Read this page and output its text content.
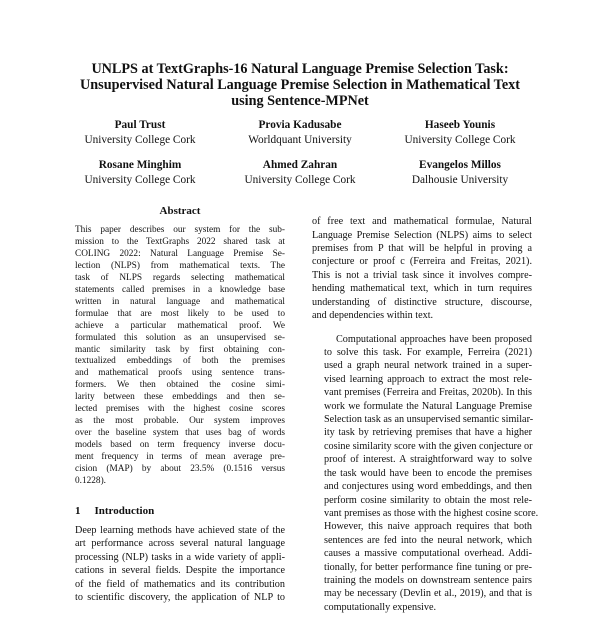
UNLPS at TextGraphs-16 Natural Language Premise Selection Task:
Unsupervised Natural Language Premise Selection in Mathematical Text
using Sentence-MPNet
Paul Trust
University College Cork
Provia Kadusabe
Worldquant University
Haseeb Younis
University College Cork
Rosane Minghim
University College Cork
Ahmed Zahran
University College Cork
Evangelos Millos
Dalhousie University
Abstract
This paper describes our system for the sub-
mission to the TextGraphs 2022 shared task at
COLING 2022: Natural Language Premise Se-
lection (NLPS) from mathematical texts. The
task of NLPS regards selecting mathematical
statements called premises in a knowledge base
written in natural language and mathematical
formulae that are most likely to be used to
achieve a particular mathematical proof. We
formulated this solution as an unsupervised se-
mantic similarity task by first obtaining con-
textualized embeddings of both the premises
and mathematical proofs using sentence trans-
formers. We then obtained the cosine simi-
larity between these embeddings and then se-
lected premises with the highest cosine scores
as the most probable. Our system improves
over the baseline system that uses bag of words
models based on term frequency inverse docu-
ment frequency in terms of mean average pre-
cision (MAP) by about 23.5% (0.1516 versus
0.1228).
1 Introduction
Deep learning methods have achieved state of the
art performance across several natural language
processing (NLP) tasks in a wide variety of appli-
cations in several fields. Despite the importance
of the field of mathematics and its contribution
to scientific discovery, the application of NLP to

of free text and mathematical formulae, Natural
Language Premise Selection (NLPS) aims to select
premises from P that will be helpful in proving a
conjecture or proof c (Ferreira and Freitas, 2021).
This is not a trivial task since it involves compre-
hending mathematical text, which in turn requires
understanding of distinctive structure, discourse,
and dependencies within text.

Computational approaches have been proposed
to solve this task. For example, Ferreira (2021)
used a graph neural network trained in a super-
vised learning approach to extract the most rele-
vant premises (Ferreira and Freitas, 2020b). In this
work we formulate the Natural Language Premise
Selection task as an unsupervised semantic similar-
ity task by retrieving premises that have a higher
cosine similarity score with the given conjecture or
proof of interest. A straightforward way to solve
the task would have been to encode the premises
and conjectures using word embeddings, and then
perform cosine similarity to obtain the most rele-
vant premises as those with the highest cosine score.
However, this naive approach requires that both
sentences are fed into the neural network, which
causes a massive computational overhead. Addi-
tionally, for better performance fine tuning or pre-
training the models on downstream sentence pairs
may be necessary (Devlin et al., 2019), and that is
computationally expensive.
